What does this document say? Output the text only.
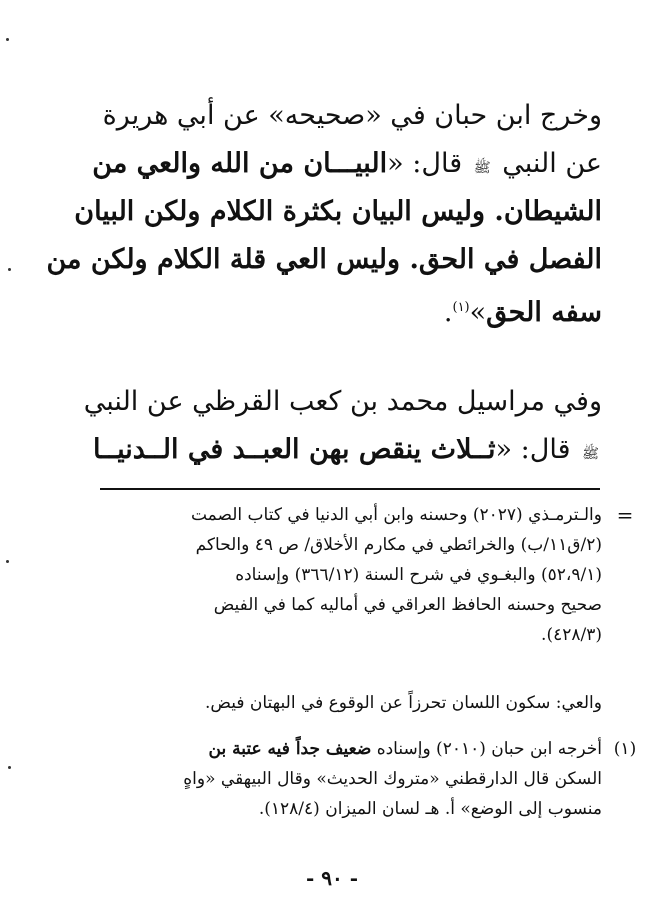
وخرج ابن حبان في «صحيحه» عن أبي هريرة
عن النبي ﷺ قال: «البيـــان من الله والعي من
الشيطان. وليس البيان بكثرة الكلام ولكن البيان
الفصل في الحق. وليس العي قلة الكلام ولكن من
سفه الحق»$^{(١)}$.
وفي مراسيل محمد بن كعب القرظي عن النبي
ﷺ قال: «ثــلاث ينقص بهن العبــد في الــدنيــا
=
والـترمـذي (٢٠٢٧) وحسنه وابن أبي الدنيا في كتاب الصمت
(٢/ق١١/ب) والخرائطي في مكارم الأخلاق/ ص ٤٩ والحاكم
(٥٢،٩/١) والبغـوي في شرح السنة (٣٦٦/١٢) وإسناده
صحيح وحسنه الحافظ العراقي في أماليه كما في الفيض
(٤٢٨/٣).
والعي: سكون اللسان تحرزاً عن الوقوع في البهتان فيض.
(١)
أخرجه ابن حبان (٢٠١٠) وإسناده ضعيف جداً فيه عتبة بن
السكن قال الدارقطني «متروك الحديث» وقال البيهقي «واهٍ
منسوب إلى الوضع» أ. هـ لسان الميزان (١٢٨/٤).
- ٩٠ -
